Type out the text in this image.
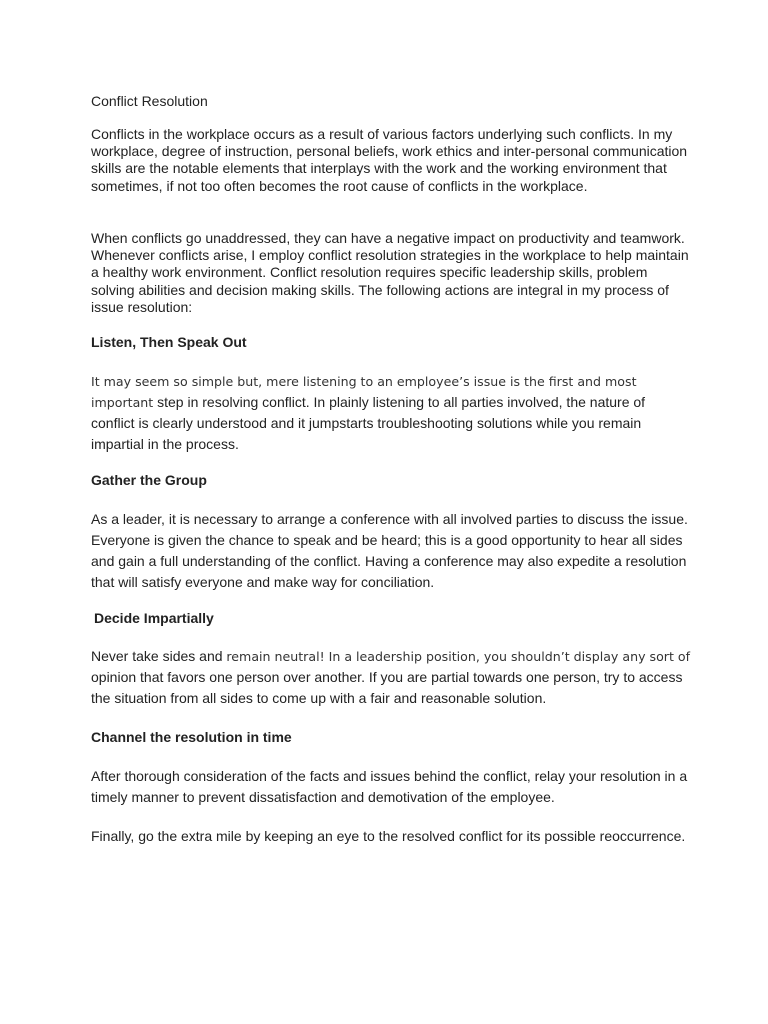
Conflict Resolution

Conflicts in the workplace occurs as a result of various factors underlying such conflicts. In my workplace, degree of instruction, personal beliefs, work ethics and inter-personal communication skills are the notable elements that interplays with the work and the working environment that sometimes, if not too often becomes the root cause of conflicts in the workplace.

When conflicts go unaddressed, they can have a negative impact on productivity and teamwork. Whenever conflicts arise, I employ conflict resolution strategies in the workplace to help maintain a healthy work environment. Conflict resolution requires specific leadership skills, problem solving abilities and decision making skills. The following actions are integral in my process of issue resolution:

Listen, Then Speak Out

It may seem so simple but, mere listening to an employee’s issue is the first and most important step in resolving conflict. In plainly listening to all parties involved, the nature of conflict is clearly understood and it jumpstarts troubleshooting solutions while you remain impartial in the process.

Gather the Group

As a leader, it is necessary to arrange a conference with all involved parties to discuss the issue. Everyone is given the chance to speak and be heard; this is a good opportunity to hear all sides and gain a full understanding of the conflict. Having a conference may also expedite a resolution that will satisfy everyone and make way for conciliation.

Decide Impartially

Never take sides and remain neutral! In a leadership position, you shouldn’t display any sort of opinion that favors one person over another. If you are partial towards one person, try to access the situation from all sides to come up with a fair and reasonable solution.

Channel the resolution in time

After thorough consideration of the facts and issues behind the conflict, relay your resolution in a timely manner to prevent dissatisfaction and demotivation of the employee.

Finally, go the extra mile by keeping an eye to the resolved conflict for its possible reoccurrence.
